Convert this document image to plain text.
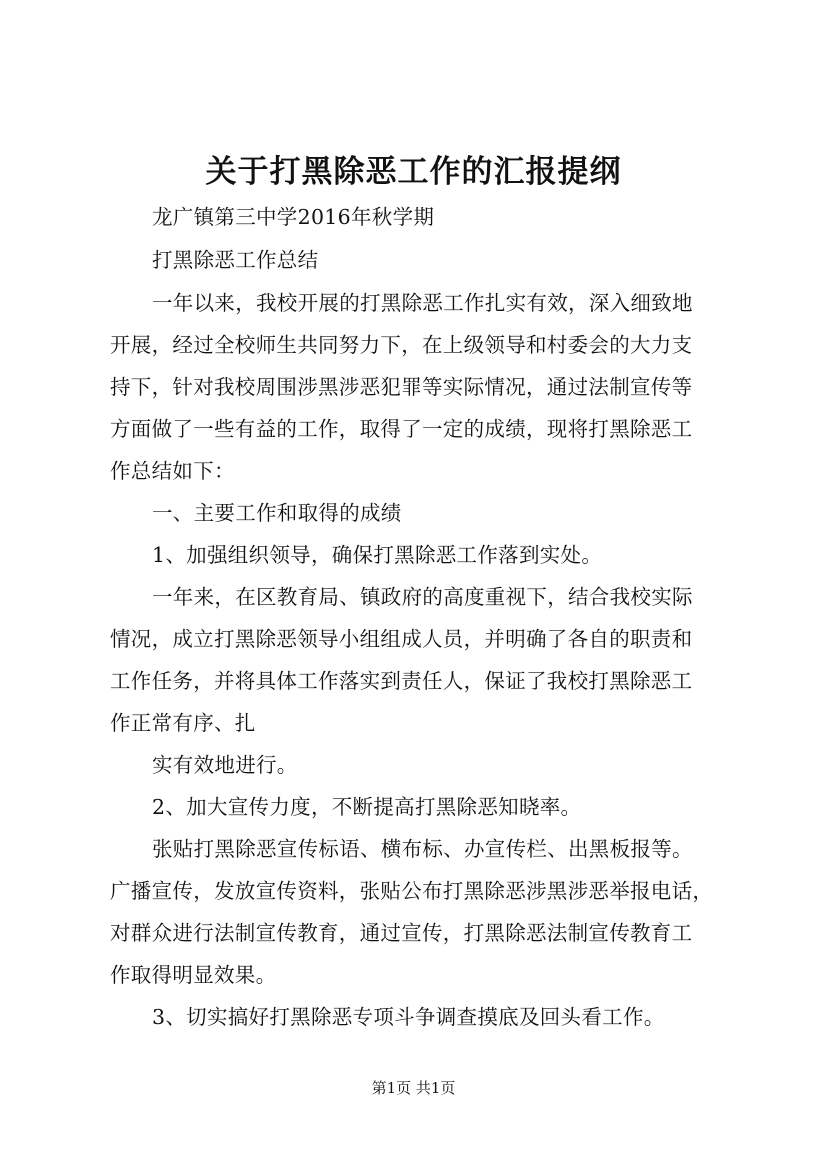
关于打黑除恶工作的汇报提纲
龙广镇第三中学2016年秋学期
打黑除恶工作总结
一年以来，我校开展的打黑除恶工作扎实有效，深入细致地
开展，经过全校师生共同努力下，在上级领导和村委会的大力支
持下，针对我校周围涉黑涉恶犯罪等实际情况，通过法制宣传等
方面做了一些有益的工作，取得了一定的成绩，现将打黑除恶工
作总结如下：
一、主要工作和取得的成绩
1、加强组织领导，确保打黑除恶工作落到实处。
一年来，在区教育局、镇政府的高度重视下，结合我校实际
情况，成立打黑除恶领导小组组成人员，并明确了各自的职责和
工作任务，并将具体工作落实到责任人，保证了我校打黑除恶工
作正常有序、扎
实有效地进行。
2、加大宣传力度，不断提高打黑除恶知晓率。
张贴打黑除恶宣传标语、横布标、办宣传栏、出黑板报等。
广播宣传，发放宣传资料，张贴公布打黑除恶涉黑涉恶举报电话，
对群众进行法制宣传教育，通过宣传，打黑除恶法制宣传教育工
作取得明显效果。
3、切实搞好打黑除恶专项斗争调查摸底及回头看工作。
第1页 共1页
